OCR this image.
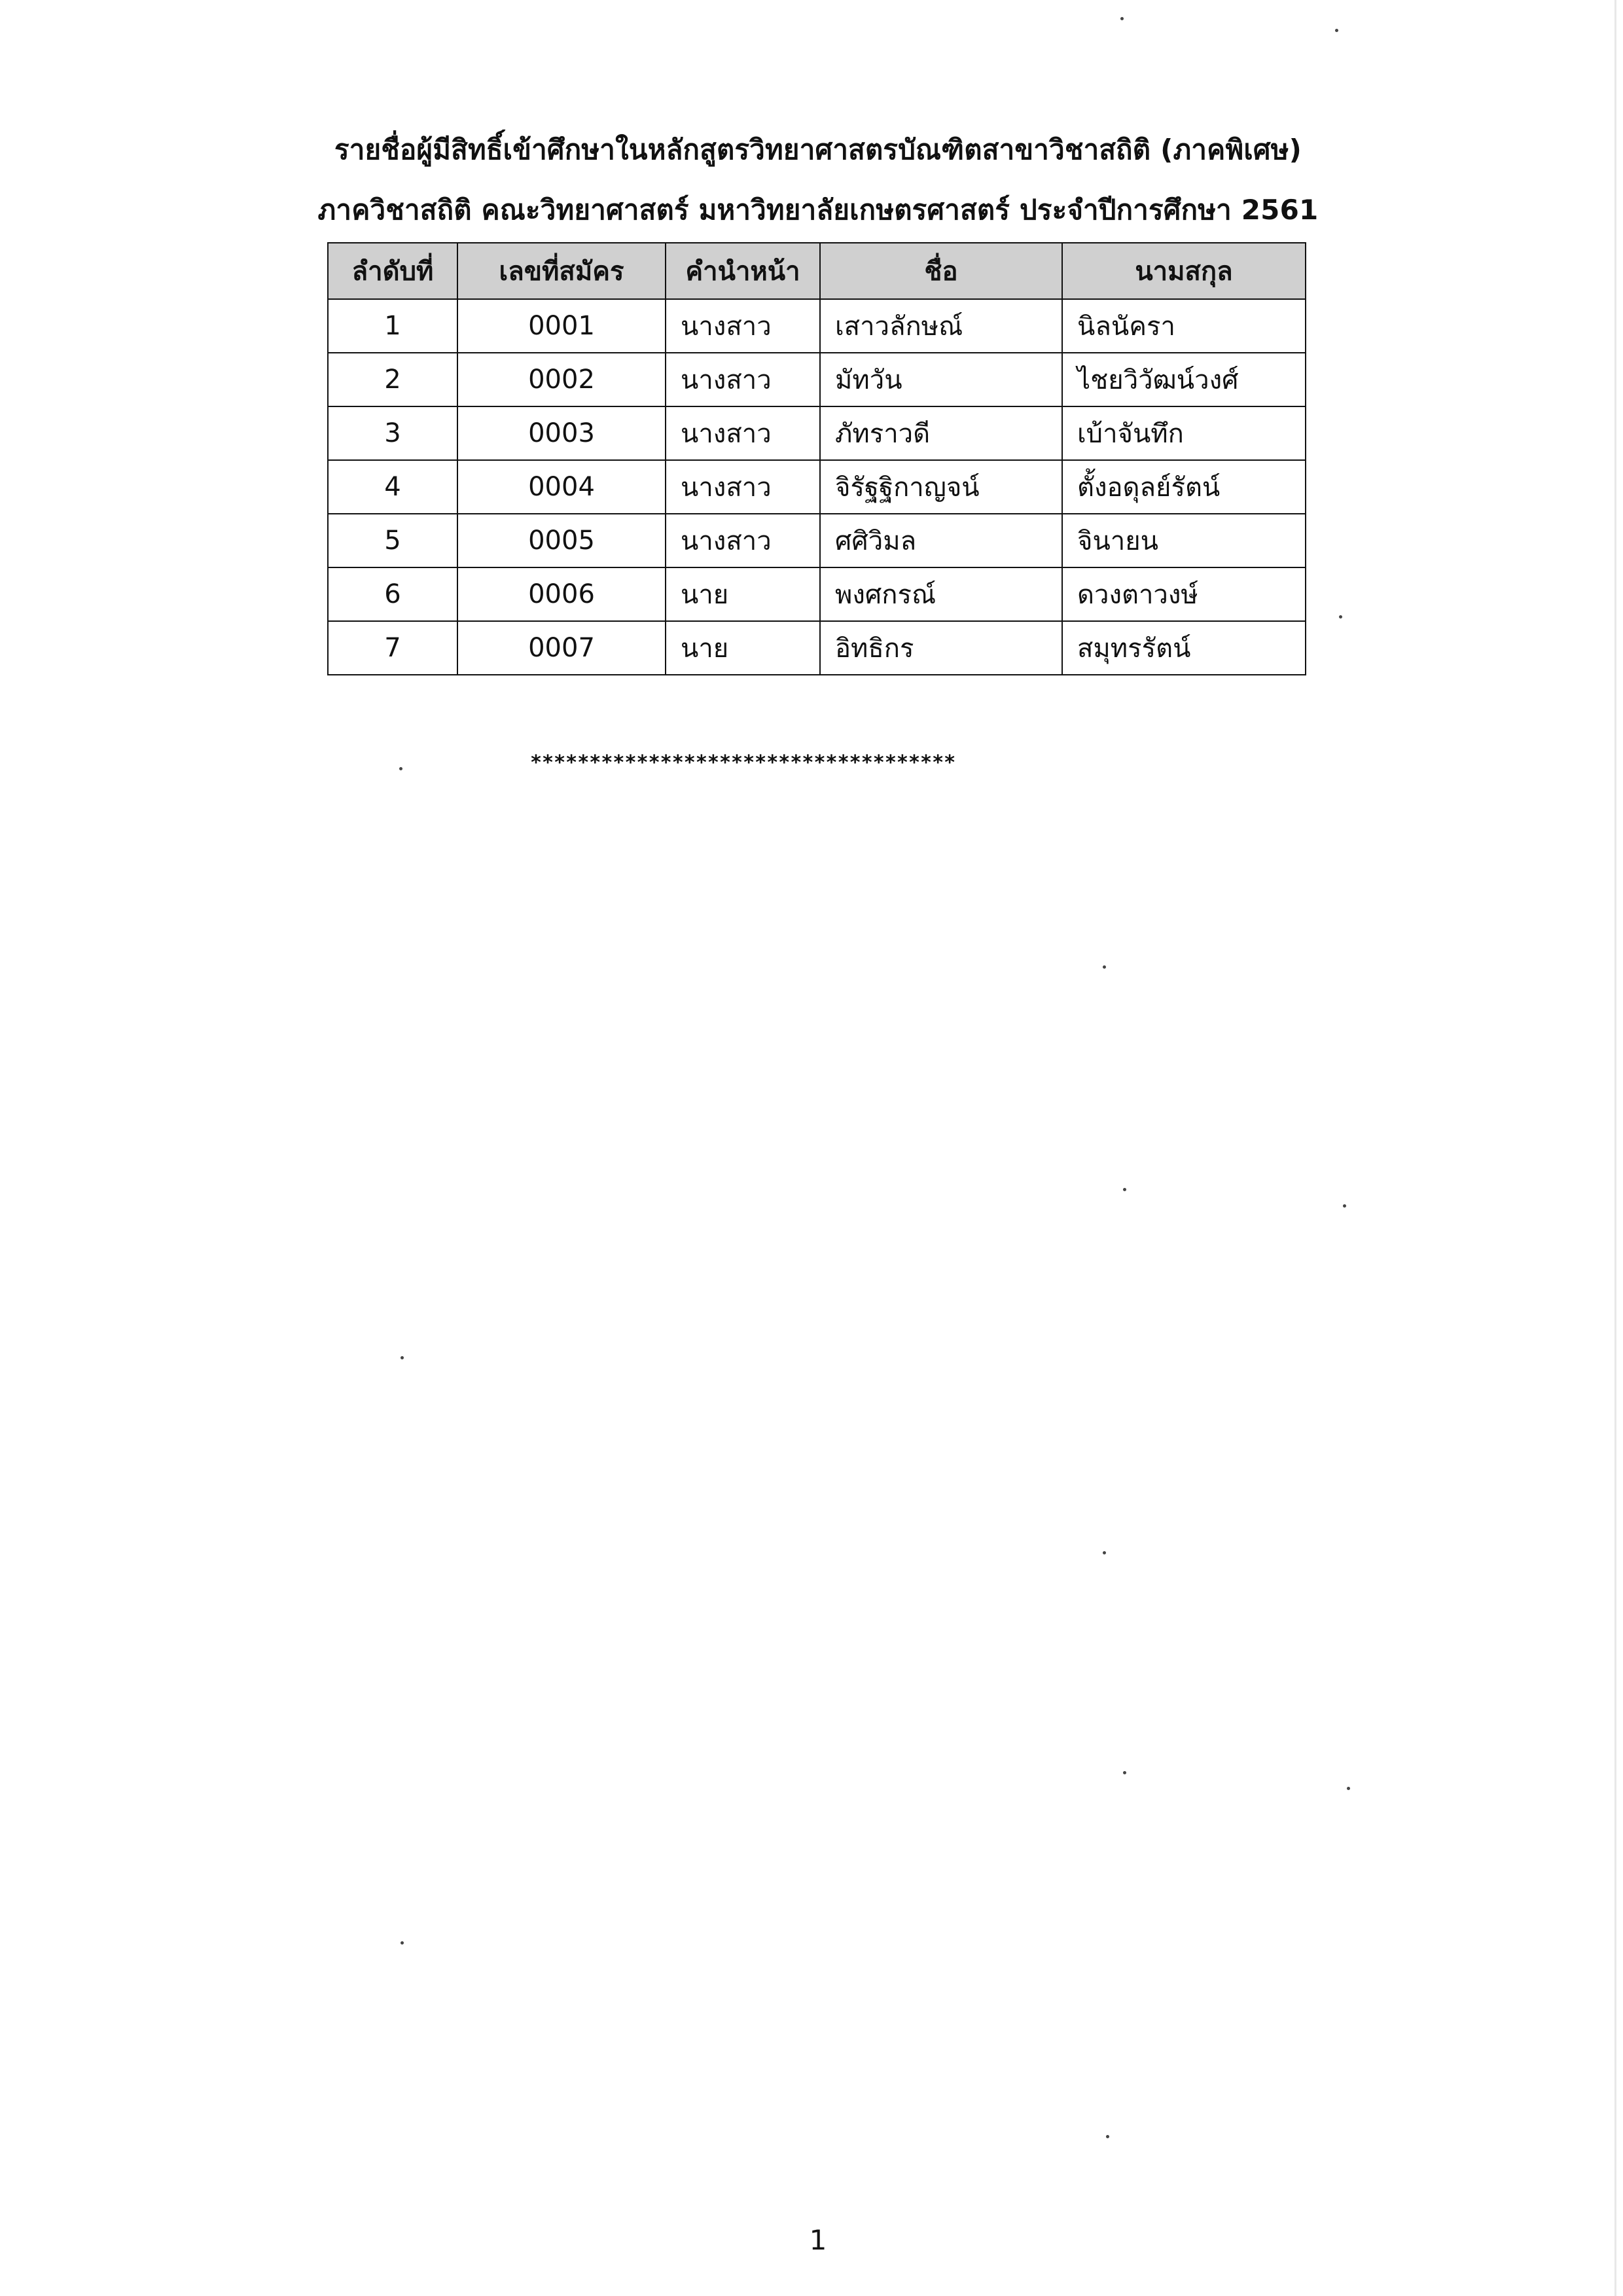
รายชื่อผู้มีสิทธิ์เข้าศึกษาในหลักสูตรวิทยาศาสตรบัณฑิตสาขาวิชาสถิติ (ภาคพิเศษ)
ภาควิชาสถิติ คณะวิทยาศาสตร์ มหาวิทยาลัยเกษตรศาสตร์ ประจำปีการศึกษา 2561
ลำดับที่	เลขที่สมัคร	คำนำหน้า	ชื่อ	นามสกุล
1	0001	นางสาว	เสาวลักษณ์	นิลนัครา
2	0002	นางสาว	มัทวัน	ไชยวิวัฒน์วงศ์
3	0003	นางสาว	ภัทราวดี	เบ้าจันทึก
4	0004	นางสาว	จิรัฐฐิกาญจน์	ตั้งอดุลย์รัตน์
5	0005	นางสาว	ศศิวิมล	จินายน
6	0006	นาย	พงศกรณ์	ดวงตาวงษ์
7	0007	นาย	อิทธิกร	สมุทรรัตน์
************************************
1
